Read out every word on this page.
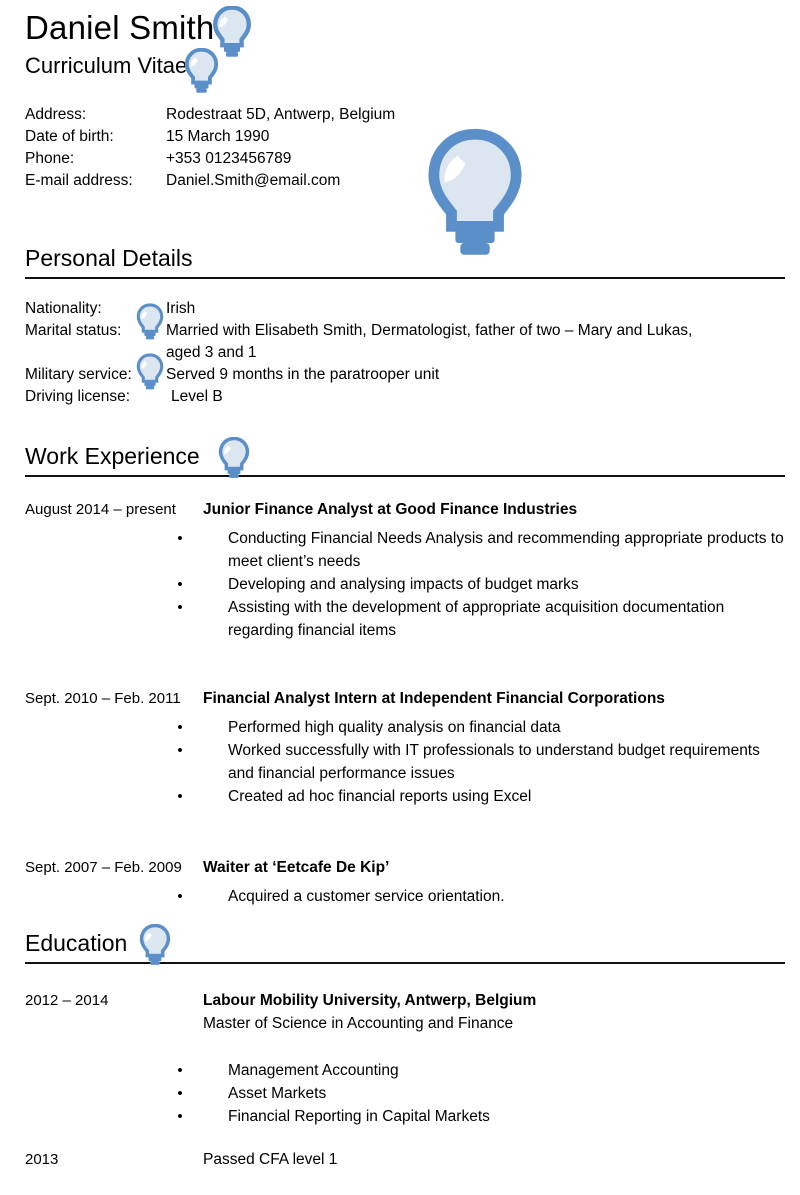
Daniel Smith
Curriculum Vitae
Address:	Rodestraat 5D, Antwerp, Belgium
Date of birth:	15 March 1990
Phone:	+353 0123456789
E-mail address:	Daniel.Smith@email.com
Personal Details
Nationality:	Irish
Marital status:	Married with Elisabeth Smith, Dermatologist, father of two – Mary and Lukas,
aged 3 and 1
Military service:	Served 9 months in the paratrooper unit
Driving license:	Level B
Work Experience
August 2014 – present	Junior Finance Analyst at Good Finance Industries
•	Conducting Financial Needs Analysis and recommending appropriate products to meet client’s needs
•	Developing and analysing impacts of budget marks
•	Assisting with the development of appropriate acquisition documentation regarding financial items
Sept. 2010 – Feb. 2011	Financial Analyst Intern at Independent Financial Corporations
•	Performed high quality analysis on financial data
•	Worked successfully with IT professionals to understand budget requirements and financial performance issues
•	Created ad hoc financial reports using Excel
Sept. 2007 – Feb. 2009	Waiter at ‘Eetcafe De Kip’
•	Acquired a customer service orientation.
Education
2012 – 2014	Labour Mobility University, Antwerp, Belgium
Master of Science in Accounting and Finance
•	Management Accounting
•	Asset Markets
•	Financial Reporting in Capital Markets
2013	Passed CFA level 1
